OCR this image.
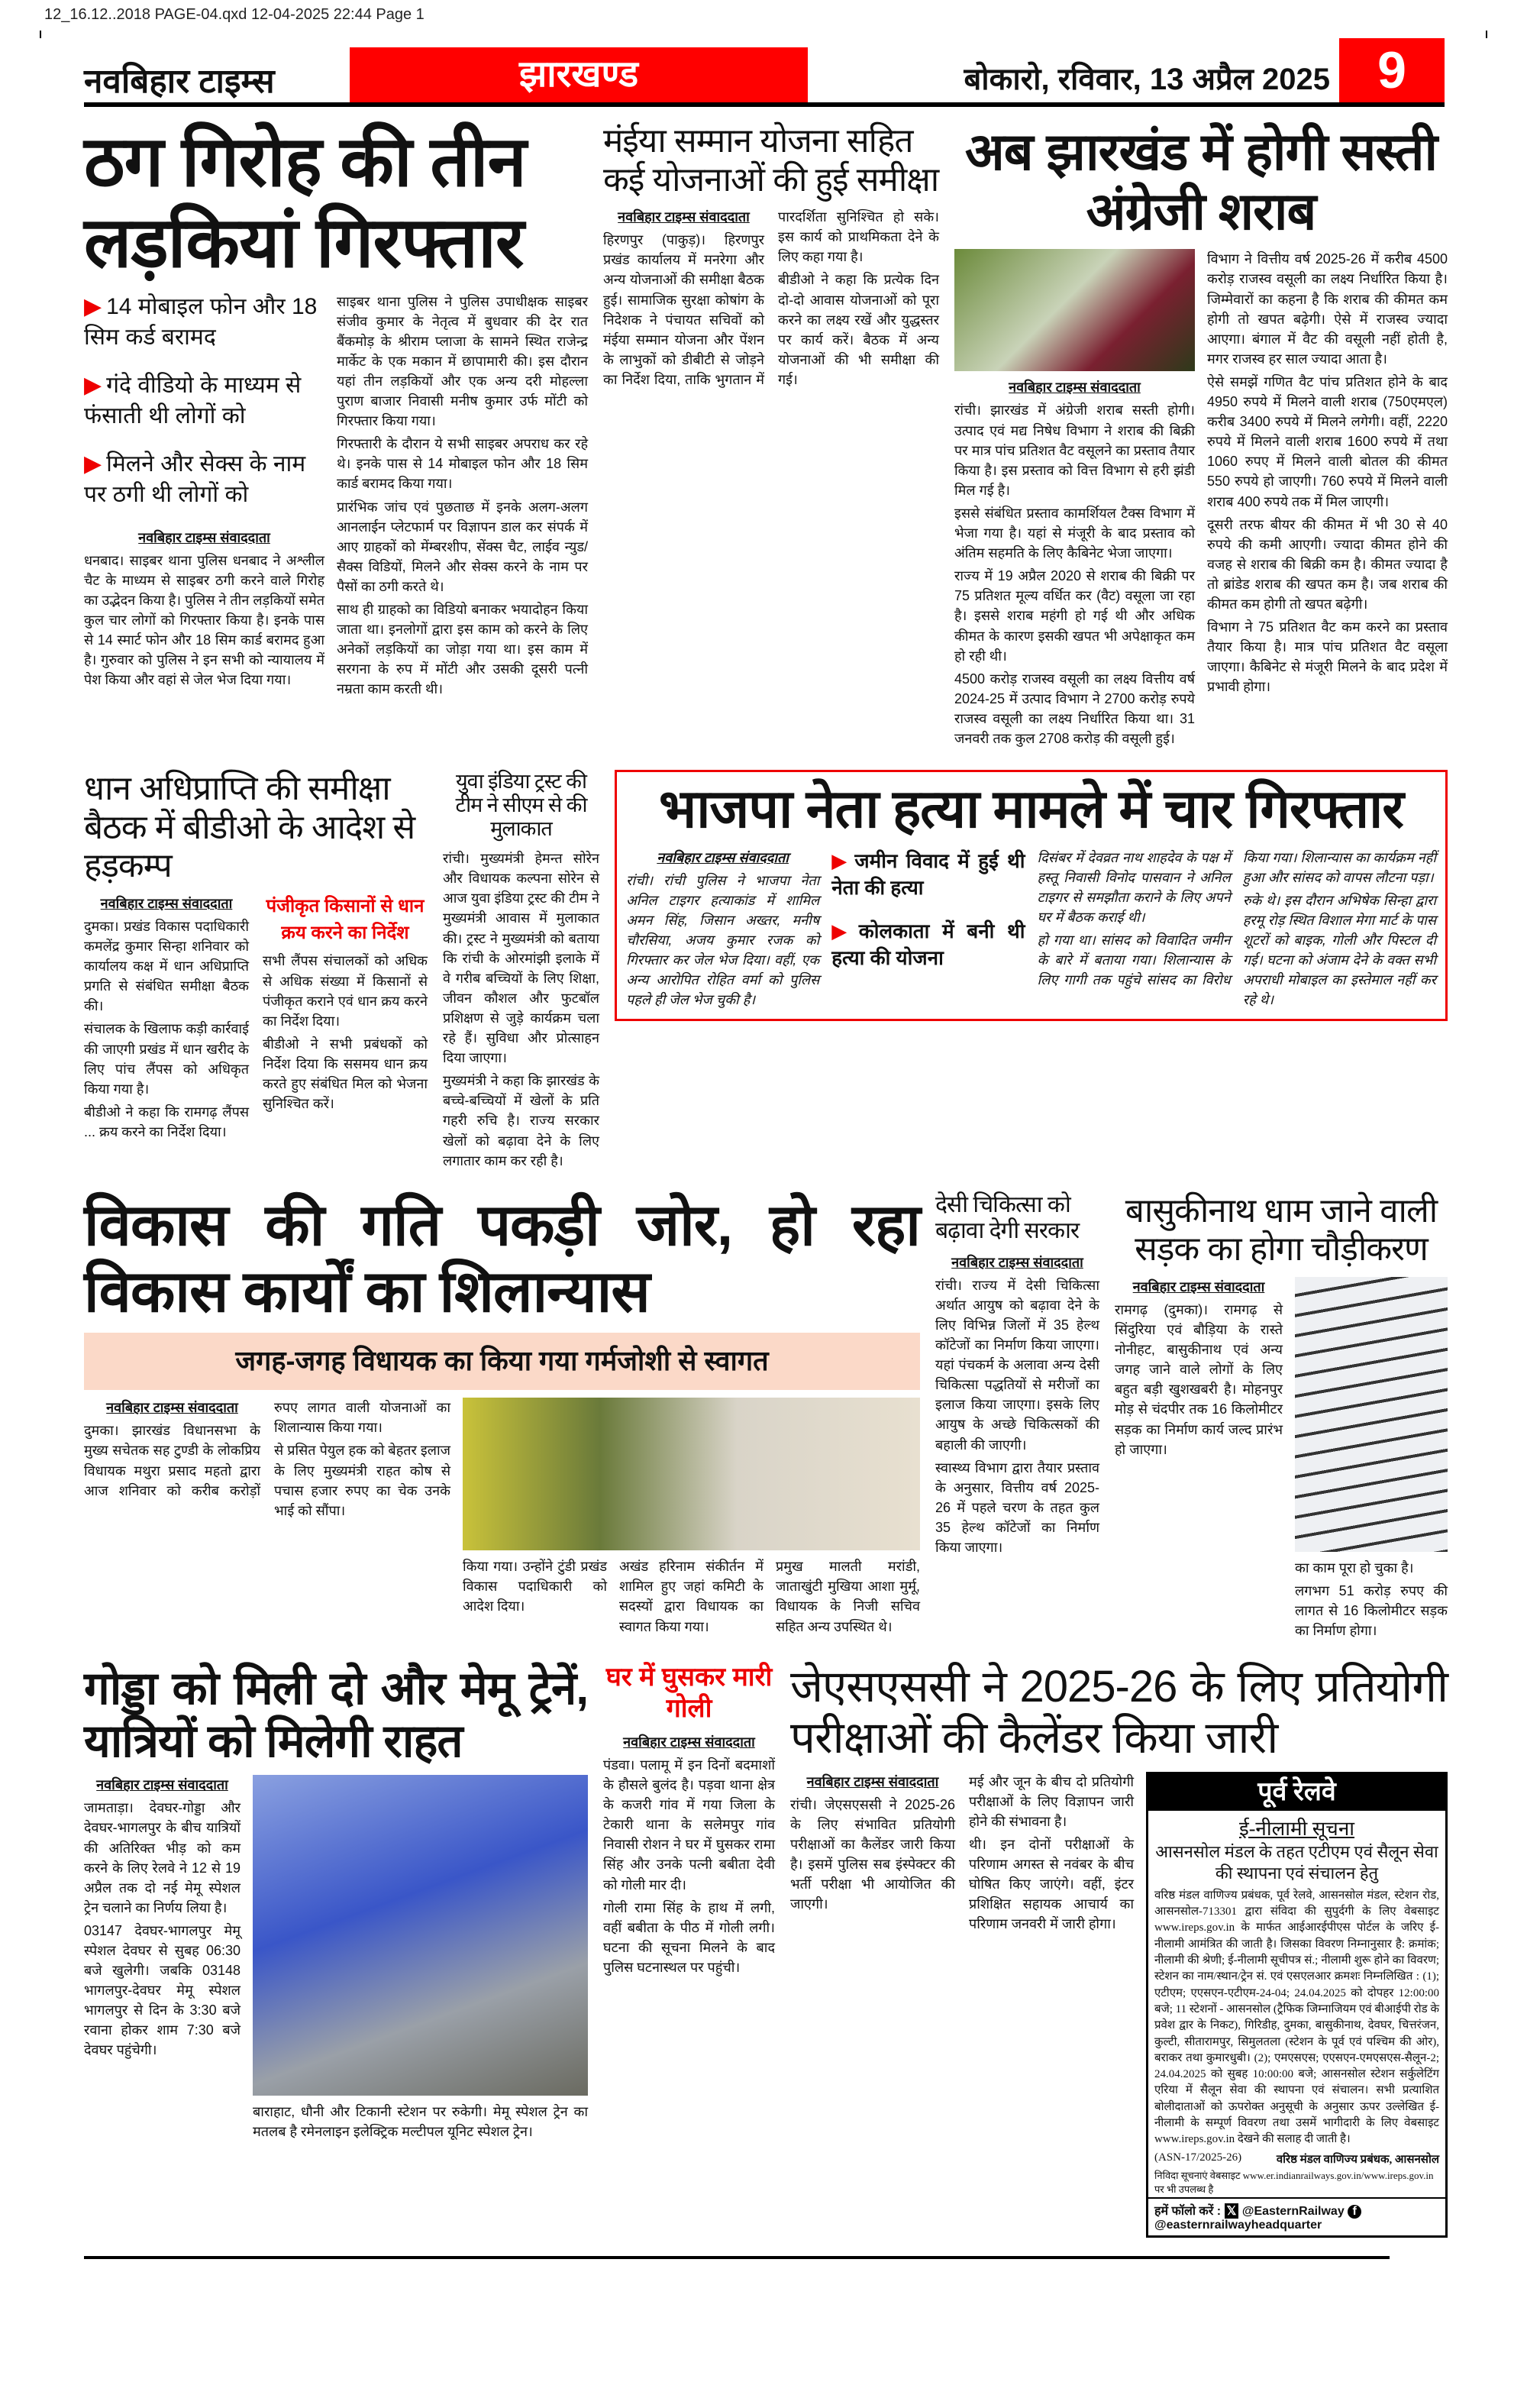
12_16.12..2018 PAGE-04.qxd 12-04-2025 22:44 Page 1
नवबिहार टाइम्स	झारखण्ड	बोकारो, रविवार, 13 अप्रैल 2025 9
ठग गिरोह की तीन लड़कियां गिरफ्तार
▶ 14 मोबाइल फोन और 18 सिम कर्ड बरामद
▶ गंदे वीडियो के माध्यम से फंसाती थी लोगों को
▶ मिलने और सेक्स के नाम पर ठगी थी लोगों को
नवबिहार टाइम्स संवाददाता

धनबाद। साइबर थाना पुलिस धनबाद ने अश्लील चैट के माध्यम से साइबर ठगी करने वाले गिरोह का उद्भेदन किया है। पुलिस ने तीन लड़कियों समेत कुल चार लोगों को गिरफ्तार किया है। इनके पास से 14 स्मार्ट फोन और 18 सिम कार्ड बरामद हुआ है। गुरुवार को पुलिस ने इन सभी को न्यायालय में पेश किया और वहां से जेल भेज दिया गया।

साइबर थाना पुलिस ने पुलिस उपाधीक्षक साइबर संजीव कुमार के नेतृत्व में बुधवार की देर रात बैंकमोड़ के श्रीराम प्लाजा के सामने स्थित राजेन्द्र मार्केट के एक मकान में छापामारी की। इस दौरान यहां तीन लड़कियों और एक अन्य दरी मोहल्ला पुराण बाजार निवासी मनीष कुमार उर्फ मोंटी को गिरफ्तार किया गया।

गिरफ्तारी के दौरान ये सभी साइबर अपराध कर रहे थे। इनके पास से 14 मोबाइल फोन और 18 सिम कार्ड बरामद किया गया।

प्रारंभिक जांच एवं पुछताछ में इनके अलग-अलग आनलाईन प्लेटफार्म पर विज्ञापन डाल कर संपर्क में आए ग्राहकों को मेंम्बरशीप, सेंक्स चैट, लाईव न्युड/सैक्स विडियों, मिलने और सेक्स करने के नाम पर पैसों का ठगी करते थे।

साथ ही ग्राहको का विडियो बनाकर भयादोहन किया जाता था। इनलोगों द्वारा इस काम को करने के लिए अनेकों लड़कियों का जोड़ा गया था। इस काम में सरगना के रुप में मोंटी और उसकी दूसरी पत्नी नम्रता काम करती थी।

मंईया सम्मान योजना सहित कई योजनाओं की हुई समीक्षा
नवबिहार टाइम्स संवाददाता

हिरणपुर (पाकुड़)। हिरणपुर प्रखंड कार्यालय में मनरेगा और अन्य योजनाओं की समीक्षा बैठक हुई। सामाजिक सुरक्षा कोषांग के निदेशक ने पंचायत सचिवों को मंईया सम्मान योजना और पेंशन के लाभुकों को डीबीटी से जोड़ने का निर्देश दिया, ताकि भुगतान में पारदर्शिता सुनिश्चित हो सके। इस कार्य को प्राथमिकता देने के लिए कहा गया है।

बीडीओ ने कहा कि प्रत्येक दिन दो-दो आवास योजनाओं को पूरा करने का लक्ष्य रखें और युद्धस्तर पर कार्य करें। बैठक में अन्य योजनाओं की भी समीक्षा की गई।

अब झारखंड में होगी सस्ती अंग्रेजी शराब
नवबिहार टाइम्स संवाददाता

रांची। झारखंड में अंग्रेजी शराब सस्ती होगी। उत्पाद एवं मद्य निषेध विभाग ने शराब की बिक्री पर मात्र पांच प्रतिशत वैट वसूलने का प्रस्ताव तैयार किया है। इस प्रस्ताव को वित्त विभाग से हरी झंडी मिल गई है।

इससे संबंधित प्रस्ताव कामर्शियल टैक्स विभाग में भेजा गया है। यहां से मंजूरी के बाद प्रस्ताव को अंतिम सहमति के लिए कैबिनेट भेजा जाएगा।

राज्य में 19 अप्रैल 2020 से शराब की बिक्री पर 75 प्रतिशत मूल्य वर्धित कर (वैट) वसूला जा रहा है। इससे शराब महंगी हो गई थी और अधिक कीमत के कारण इसकी खपत भी अपेक्षाकृत कम हो रही थी।

4500 करोड़ राजस्व वसूली का लक्ष्य वित्तीय वर्ष 2024-25 में उत्पाद विभाग ने 2700 करोड़ रुपये राजस्व वसूली का लक्ष्य निर्धारित किया था। 31 जनवरी तक कुल 2708 करोड़ की वसूली हुई।

विभाग ने वित्तीय वर्ष 2025-26 में करीब 4500 करोड़ राजस्व वसूली का लक्ष्य निर्धारित किया है। जिम्मेवारों का कहना है कि शराब की कीमत कम होगी तो खपत बढ़ेगी। ऐसे में राजस्व ज्यादा आएगा। बंगाल में वैट की वसूली नहीं होती है, मगर राजस्व हर साल ज्यादा आता है।

ऐसे समझें गणित वैट पांच प्रतिशत होने के बाद 4950 रुपये में मिलने वाली शराब (750एमएल) करीब 3400 रुपये में मिलने लगेगी। वहीं, 2220 रुपये में मिलने वाली शराब 1600 रुपये में तथा 1060 रुपए में मिलने वाली बोतल की कीमत 550 रुपये हो जाएगी। 760 रुपये में मिलने वाली शराब 400 रुपये तक में मिल जाएगी।

दूसरी तरफ बीयर की कीमत में भी 30 से 40 रुपये की कमी आएगी। ज्यादा कीमत होने की वजह से शराब की बिक्री कम है। कीमत ज्यादा है तो ब्रांडेड शराब की खपत कम है। जब शराब की कीमत कम होगी तो खपत बढ़ेगी।

विभाग ने 75 प्रतिशत वैट कम करने का प्रस्ताव तैयार किया है। मात्र पांच प्रतिशत वैट वसूला जाएगा। कैबिनेट से मंजूरी मिलने के बाद प्रदेश में प्रभावी होगा।

धान अधिप्राप्ति की समीक्षा बैठक में बीडीओ के आदेश से हड़कम्प
नवबिहार टाइम्स संवाददाता

दुमका। प्रखंड विकास पदाधिकारी कमलेंद्र कुमार सिन्हा शनिवार को कार्यालय कक्ष में धान अधिप्राप्ति प्रगति से संबंधित समीक्षा बैठक की।

संचालक के खिलाफ कड़ी कार्रवाई की जाएगी प्रखंड में धान खरीद के लिए पांच लैंपस को अधिकृत किया गया है।

बीडीओ ने कहा कि रामगढ़ लैंपस ... क्रय करने का निर्देश दिया।

पंजीकृत किसानों से धान क्रय करने का निर्देश

सभी लैंपस संचालकों को अधिक से अधिक संख्या में किसानों से पंजीकृत कराने एवं धान क्रय करने का निर्देश दिया।

बीडीओ ने सभी प्रबंधकों को निर्देश दिया कि ससमय धान क्रय करते हुए संबंधित मिल को भेजना सुनिश्चित करें।

युवा इंडिया ट्रस्ट की टीम ने सीएम से की मुलाकात

रांची। मुख्यमंत्री हेमन्त सोरेन और विधायक कल्पना सोरेन से आज युवा इंडिया ट्रस्ट की टीम ने मुख्यमंत्री आवास में मुलाकात की। ट्रस्ट ने मुख्यमंत्री को बताया कि रांची के ओरमांझी इलाके में वे गरीब बच्चियों के लिए शिक्षा, जीवन कौशल और फुटबॉल प्रशिक्षण से जुड़े कार्यक्रम चला रहे हैं। सुविधा और प्रोत्साहन दिया जाएगा।

मुख्यमंत्री ने कहा कि झारखंड के बच्चे-बच्चियों में खेलों के प्रति गहरी रुचि है। राज्य सरकार खेलों को बढ़ावा देने के लिए लगातार काम कर रही है।

भाजपा नेता हत्या मामले में चार गिरफ्तार
नवबिहार टाइम्स संवाददाता

रांची। रांची पुलिस ने भाजपा नेता अनिल टाइगर हत्याकांड में शामिल अमन सिंह, जिसान अख्तर, मनीष चौरसिया, अजय कुमार रजक को गिरफ्तार कर जेल भेज दिया। वहीं, एक अन्य आरोपित रोहित वर्मा को पुलिस पहले ही जेल भेज चुकी है।

▶ जमीन विवाद में हुई थी नेता की हत्या
▶ कोलकाता में बनी थी हत्या की योजना

दिसंबर में देवव्रत नाथ शाहदेव के पक्ष में हस्तू निवासी विनोद पासवान ने अनिल टाइगर से समझौता कराने के लिए अपने घर में बैठक कराई थी।

हो गया था। सांसद को विवादित जमीन के बारे में बताया गया। शिलान्यास के लिए गागी तक पहुंचे सांसद का विरोध किया गया। शिलान्यास का कार्यक्रम नहीं हुआ और सांसद को वापस लौटना पड़ा।

रुके थे। इस दौरान अभिषेक सिन्हा द्वारा हरमू रोड़ स्थित विशाल मेगा मार्ट के पास शूटरों को बाइक, गोली और पिस्टल दी गई। घटना को अंजाम देने के वक्त सभी अपराधी मोबाइल का इस्तेमाल नहीं कर रहे थे।

विकास की गति पकड़ी जोर, हो रहा विकास कार्यों का शिलान्यास
जगह-जगह विधायक का किया गया गर्मजोशी से स्वागत
नवबिहार टाइम्स संवाददाता

दुमका। झारखंड विधानसभा के मुख्य सचेतक सह टुण्डी के लोकप्रिय विधायक मथुरा प्रसाद महतो द्वारा आज शनिवार को करीब करोड़ों रुपए लागत वाली योजनाओं का शिलान्यास किया गया।

से प्रसित पेयुल हक को बेहतर इलाज के लिए मुख्यमंत्री राहत कोष से पचास हजार रुपए का चेक उनके भाई को सौंपा।

किया गया। उन्होंने टुंडी प्रखंड विकास पदाधिकारी को आदेश दिया।

अखंड हरिनाम संकीर्तन में शामिल हुए जहां कमिटी के सदस्यों द्वारा विधायक का स्वागत किया गया।

प्रमुख मालती मरांडी, जाताखुंटी मुखिया आशा मुर्मू, विधायक के निजी सचिव सहित अन्य उपस्थित थे।

देसी चिकित्सा को बढ़ावा देगी सरकार
नवबिहार टाइम्स संवाददाता

रांची। राज्य में देसी चिकित्सा अर्थात आयुष को बढ़ावा देने के लिए विभिन्न जिलों में 35 हेल्थ कॉटेजों का निर्माण किया जाएगा। यहां पंचकर्म के अलावा अन्य देसी चिकित्सा पद्धतियों से मरीजों का इलाज किया जाएगा। इसके लिए आयुष के अच्छे चिकित्सकों की बहाली की जाएगी।

स्वास्थ्य विभाग द्वारा तैयार प्रस्ताव के अनुसार, वित्तीय वर्ष 2025-26 में पहले चरण के तहत कुल 35 हेल्थ कॉटेजों का निर्माण किया जाएगा।

बासुकीनाथ धाम जाने वाली सड़क का होगा चौड़ीकरण
नवबिहार टाइम्स संवाददाता

रामगढ़ (दुमका)। रामगढ़ से सिंदुरिया एवं बौड़िया के रास्ते नोनीहट, बासुकीनाथ एवं अन्य जगह जाने वाले लोगों के लिए बहुत बड़ी खुशखबरी है। मोहनपुर मोड़ से चंदपीर तक 16 किलोमीटर सड़क का निर्माण कार्य जल्द प्रारंभ हो जाएगा।

का काम पूरा हो चुका है।

लगभग 51 करोड़ रुपए की लागत से 16 किलोमीटर सड़क का निर्माण होगा।

गोड्डा को मिली दो और मेमू ट्रेनें, यात्रियों को मिलेगी राहत
नवबिहार टाइम्स संवाददाता

जामताड़ा। देवघर-गोड्डा और देवघर-भागलपुर के बीच यात्रियों की अतिरिक्त भीड़ को कम करने के लिए रेलवे ने 12 से 19 अप्रैल तक दो नई मेमू स्पेशल ट्रेन चलाने का निर्णय लिया है।

03147 देवघर-भागलपुर मेमू स्पेशल देवघर से सुबह 06:30 बजे खुलेगी। जबकि 03148 भागलपुर-देवघर मेमू स्पेशल भागलपुर से दिन के 3:30 बजे रवाना होकर शाम 7:30 बजे देवघर पहुंचेगी।

बाराहाट, धौनी और टिकानी स्टेशन पर रुकेगी। मेमू स्पेशल ट्रेन का मतलब है रमेनलाइन इलेक्ट्रिक मल्टीपल यूनिट स्पेशल ट्रेन।

घर में घुसकर मारी गोली
नवबिहार टाइम्स संवाददाता

पंडवा। पलामू में इन दिनों बदमाशों के हौसले बुलंद है। पड़वा थाना क्षेत्र के कजरी गांव में गया जिला के टेकारी थाना के सलेमपुर गांव निवासी रोशन ने घर में घुसकर रामा सिंह और उनके पत्नी बबीता देवी को गोली मार दी।

गोली रामा सिंह के हाथ में लगी, वहीं बबीता के पीठ में गोली लगी। घटना की सूचना मिलने के बाद पुलिस घटनास्थल पर पहुंची।

जेएसएससी ने 2025-26 के लिए प्रतियोगी परीक्षाओं की कैलेंडर किया जारी
नवबिहार टाइम्स संवाददाता

रांची। जेएसएससी ने 2025-26 के लिए संभावित प्रतियोगी परीक्षाओं का कैलेंडर जारी किया है। इसमें पुलिस सब इंस्पेक्टर की भर्ती परीक्षा भी आयोजित की जाएगी।

मई और जून के बीच दो प्रतियोगी परीक्षाओं के लिए विज्ञापन जारी होने की संभावना है।

थी। इन दोनों परीक्षाओं के परिणाम अगस्त से नवंबर के बीच घोषित किए जाएंगे। वहीं, इंटर प्रशिक्षित सहायक आचार्य का परिणाम जनवरी में जारी होगा।

पूर्व रेलवे
ई-नीलामी सूचना
आसनसोल मंडल के तहत एटीएम एवं सैलून सेवा की स्थापना एवं संचालन हेतु
वरिष्ठ मंडल वाणिज्य प्रबंधक, पूर्व रेलवे, आसनसोल मंडल, स्टेशन रोड, आसनसोल-713301 द्वारा संविदा की सुपुर्दगी के लिए वेबसाइट www.ireps.gov.in के मार्फत आईआरईपीएस पोर्टल के जरिए ई-नीलामी आमंत्रित की जाती है। जिसका विवरण निम्नानुसार है: क्रमांक; नीलामी की श्रेणी; ई-नीलामी सूचीपत्र सं.; नीलामी शुरू होने का विवरण; स्टेशन का नाम/स्थान/ट्रेन सं. एवं एसएलआर क्रमशः निम्नलिखित : (1); एटीएम; एएसएन-एटीएम-24-04; 24.04.2025 को दोपहर 12:00:00 बजे; 11 स्टेशनों - आसनसोल (ट्रैफिक जिम्नाजियम एवं बीआईपी रोड के प्रवेश द्वार के निकट), गिरिडीह, दुमका, बासुकीनाथ, देवघर, चित्तरंजन, कुल्टी, सीतारामपुर, सिमुलतला (स्टेशन के पूर्व एवं पश्चिम की ओर), बराकर तथा कुमारधुबी। (2); एमएसएस; एएसएन-एमएसएस-सैलून-2; 24.04.2025 को सुबह 10:00:00 बजे; आसनसोल स्टेशन सर्कुलेटिंग एरिया में सैलून सेवा की स्थापना एवं संचालन। सभी प्रत्याशित बोलीदाताओं को ऊपरोक्त अनुसूची के अनुसार ऊपर उल्लेखित ई-नीलामी के सम्पूर्ण विवरण तथा उसमें भागीदारी के लिए वेबसाइट www.ireps.gov.in देखने की सलाह दी जाती है।
(ASN-17/2025-26)	वरिष्ठ मंडल वाणिज्य प्रबंधक, आसनसोल
निविदा सूचनाएं वेबसाइट www.er.indianrailways.gov.in/www.ireps.gov.in पर भी उपलब्ध है
हमें फॉलो करें : 𝕏 @EasternRailway f @easternrailwayheadquarter
